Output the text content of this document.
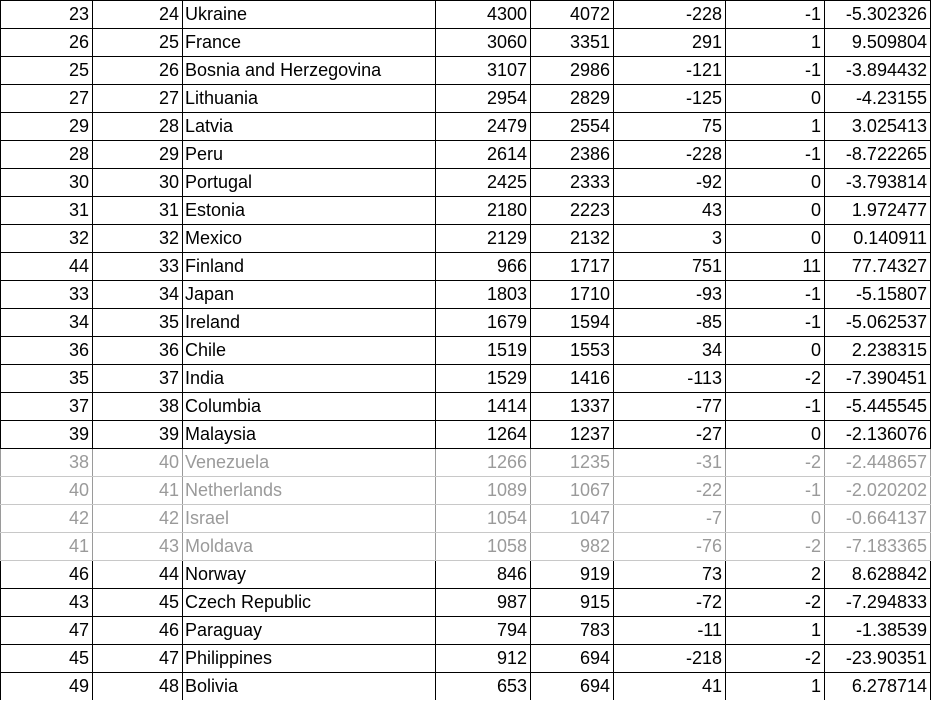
23	24	Ukraine	4300	4072	-228	-1	-5.302326
26	25	France	3060	3351	291	1	9.509804
25	26	Bosnia and Herzegovina	3107	2986	-121	-1	-3.894432
27	27	Lithuania	2954	2829	-125	0	-4.23155
29	28	Latvia	2479	2554	75	1	3.025413
28	29	Peru	2614	2386	-228	-1	-8.722265
30	30	Portugal	2425	2333	-92	0	-3.793814
31	31	Estonia	2180	2223	43	0	1.972477
32	32	Mexico	2129	2132	3	0	0.140911
44	33	Finland	966	1717	751	11	77.74327
33	34	Japan	1803	1710	-93	-1	-5.15807
34	35	Ireland	1679	1594	-85	-1	-5.062537
36	36	Chile	1519	1553	34	0	2.238315
35	37	India	1529	1416	-113	-2	-7.390451
37	38	Columbia	1414	1337	-77	-1	-5.445545
39	39	Malaysia	1264	1237	-27	0	-2.136076
38	40	Venezuela	1266	1235	-31	-2	-2.448657
40	41	Netherlands	1089	1067	-22	-1	-2.020202
42	42	Israel	1054	1047	-7	0	-0.664137
41	43	Moldava	1058	982	-76	-2	-7.183365
46	44	Norway	846	919	73	2	8.628842
43	45	Czech Republic	987	915	-72	-2	-7.294833
47	46	Paraguay	794	783	-11	1	-1.38539
45	47	Philippines	912	694	-218	-2	-23.90351
49	48	Bolivia	653	694	41	1	6.278714
